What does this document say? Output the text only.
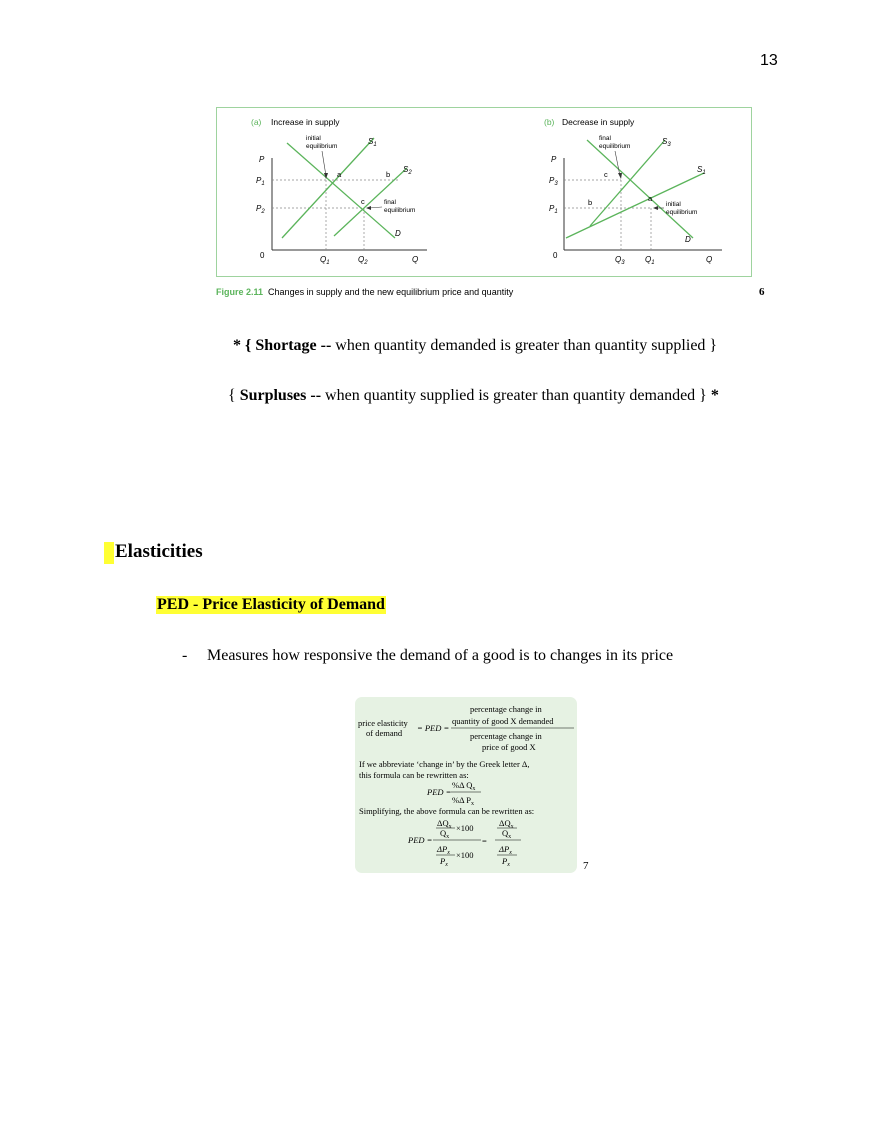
13
(a) Increase in supply
P
Q
0
$S_1$
$S_2$
D
$P_1$
$P_2$
$Q_1$	$Q_2$
a	b
c
initial equilibrium
final equilibrium
(b) Decrease in supply
P
Q
0
$S_3$
$S_1$
D
$P_3$
$P_1$
$Q_3$	$Q_1$
a
b
c
final equilibrium
initial equilibrium
Figure 2.11 Changes in supply and the new equilibrium price and quantity	6
* { Shortage -- when quantity demanded is greater than quantity supplied }
{ Surpluses -- when quantity supplied is greater than quantity demanded } *
Elasticities
PED - Price Elasticity of Demand
- Measures how responsive the demand of a good is to changes in its price
percentage change in
quantity of good X demanded
percentage change in
price of good X
price elasticity
of demand = PED =
If we abbreviate ‘change in’ by the Greek letter Δ,
this formula can be rewritten as:
PED =
%Δ $Q_x$
%Δ $P_x$
Simplifying, the above formula can be rewritten as:
PED =
$\Delta Q_x$
$Q_x$
×100
$\Delta P_x$
$P_x$
×100
=
$\Delta Q_x$
$Q_x$
$\Delta P_x$
$P_x$	7
